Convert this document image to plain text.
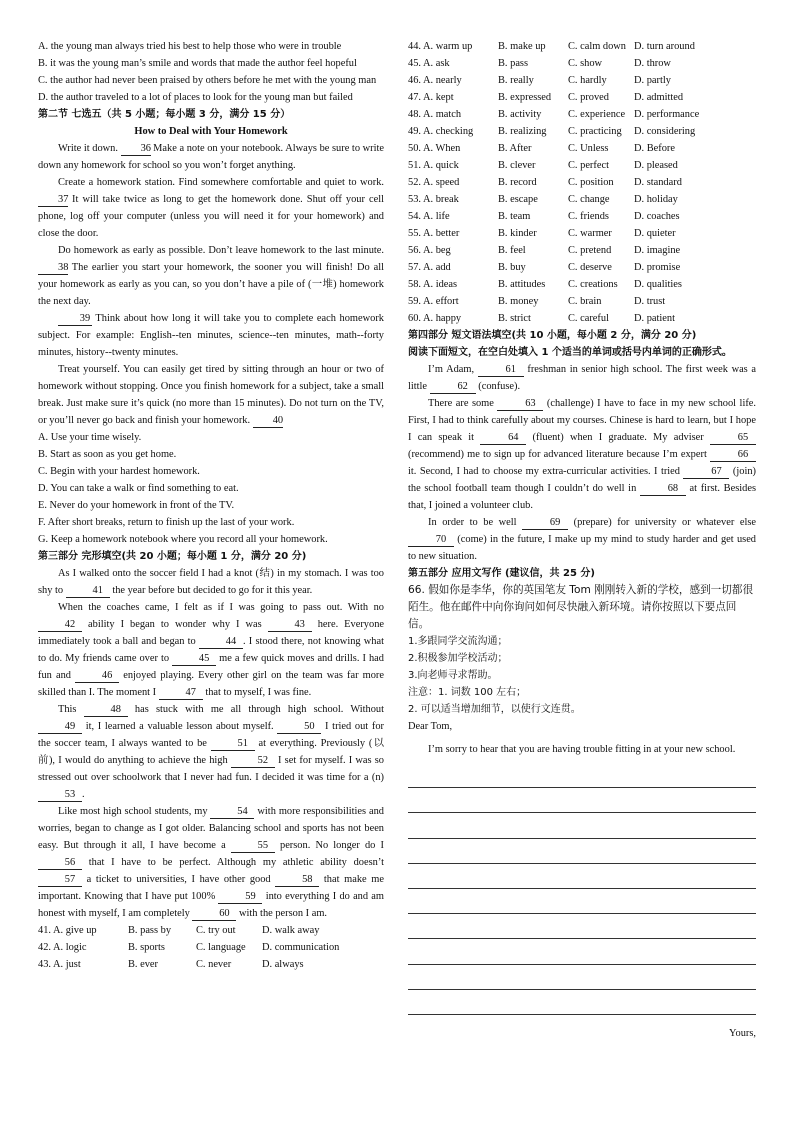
A. the young man always tried his best to help those who were in trouble

B. it was the young man’s smile and words that made the author feel hopeful

C. the author had never been praised by others before he met with the young man

D. the author traveled to a lot of places to look for the young man but failed

第二节 七选五（共 5 小题；每小题 3 分，满分 15 分）

How to Deal with Your Homework

Write it down. 36 Make a note on your notebook. Always be sure to write down any homework for school so you won’t forget anything.

Create a homework station. Find somewhere comfortable and quiet to work. 37 It will take twice as long to get the homework done. Shut off your cell phone, log off your computer (unless you will need it for your homework) and close the door.

Do homework as early as possible. Don’t leave homework to the last minute. 38 The earlier you start your homework, the sooner you will finish! Do all your homework as early as you can, so you don’t have a pile of (一堆) homework the next day.

39 Think about how long it will take you to complete each homework subject. For example: English--ten minutes, science--ten minutes, math--forty minutes, history--twenty minutes.

Treat yourself. You can easily get tired by sitting through an hour or two of homework without stopping. Once you finish homework for a subject, take a small break. Just make sure it’s quick (no more than 15 minutes). Do not turn on the TV, or you’ll never go back and finish your homework. 40

A. Use your time wisely.

B. Start as soon as you get home.

C. Begin with your hardest homework.

D. You can take a walk or find something to eat.

E. Never do your homework in front of the TV.

F. After short breaks, return to finish up the last of your work.

G. Keep a homework notebook where you record all your homework.

第三部分 完形填空(共 20 小题；每小题 1 分，满分 20 分)

As I walked onto the soccer field I had a knot (结) in my stomach. I was too shy to	41 the year before but decided to go for it this year.

When the coaches came, I felt as if I was going to pass out. With no 42 ability I began to wonder why I was	43 here. Everyone immediately took a ball and began to	44 . I stood there, not knowing what to do. My friends came over to	45 me a few quick moves and drills. I had fun and	46 enjoyed playing. Every other girl on the team was far more skilled than I. The moment I	47 that to myself, I was fine.

This	48 has stuck with me all through high school. Without 49 it, I learned a valuable lesson about myself.	50 I tried out for the soccer team, I always wanted to be	51 at everything. Previously (以前), I would do anything to achieve the high	52 I set for myself. I was so stressed out over schoolwork that I never had fun. I decided it was time for a (n) 53 .

Like most high school students, my	54 with more responsibilities and worries, began to change as I got older. Balancing school and sports has not been easy. But through it all, I have become a	55 person. No longer do I 56 that I have to be perfect. Although my athletic ability doesn’t 57 a ticket to universities, I have other good	58 that make me important. Knowing that I have put 100%	59 into everything I do and am honest with myself, I am completely	60 with the person I am.

41. A. give up	B. pass by	C. try out	D. walk away
42. A. logic	B. sports	C. language	D. communication
43. A. just	B. ever	C. never	D. always
44. A. warm up	B. make up	C. calm down D. turn around
45. A. ask	B. pass	C. show	D. throw
46. A. nearly	B. really	C. hardly	D. partly
47. A. kept	B. expressed	C. proved	D. admitted
48. A. match	B. activity	C. experience D. performance
49. A. checking	B. realizing	C. practicing	D. considering
50. A. When	B. After	C. Unless	D. Before
51. A. quick	B. clever	C. perfect	D. pleased
52. A. speed	B. record	C. position	D. standard
53. A. break	B. escape	C. change	D. holiday
54. A. life	B. team	C. friends	D. coaches
55. A. better	B. kinder	C. warmer	D. quieter
56. A. beg	B. feel	C. pretend	D. imagine
57. A. add	B. buy	C. deserve	D. promise
58. A. ideas	B. attitudes	C. creations	D. qualities
59. A. effort	B. money	C. brain	D. trust
60. A. happy	B. strict	C. careful	D. patient

第四部分 短文语法填空(共 10 小题，每小题 2 分，满分 20 分)

阅读下面短文，在空白处填入 1 个适当的单词或括号内单词的正确形式。

I’m Adam,	61 freshman in senior high school. The first week was a little	62 (confuse).

There are some	63 (challenge) I have to face in my new school life. First, I had to think carefully about my courses. Chinese is hard to learn, but I hope I can speak it	64 (fluent) when I graduate. My adviser	65 (recommend) me to sign up for advanced literature because I’m expert	66 it. Second, I had to choose my extra-curricular activities. I tried	67 (join) the school football team though I couldn’t do well in	68 at first. Besides that, I joined a volunteer club.

In order to be well	69 (prepare) for university or whatever else 70 (come) in the future, I make up my mind to study harder and get used to new situation.

第五部分 应用文写作 (建议信，共 25 分)

66. 假如你是李华，你的英国笔友 Tom 刚刚转入新的学校，感到一切都很陌生。他在邮件中向你询问如何尽快融入新环境。请你按照以下要点回信。

1.多跟同学交流沟通；

2.积极参加学校活动；

3.向老师寻求帮助。

注意：1. 词数 100 左右；

2. 可以适当增加细节，以使行文连贯。

Dear Tom,

I’m sorry to hear that you are having trouble fitting in at your new school.

Yours,
